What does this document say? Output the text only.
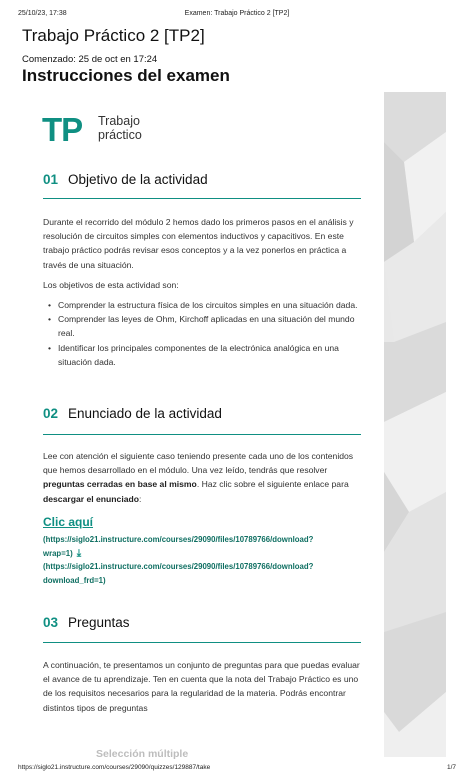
25/10/23, 17:38	Examen: Trabajo Práctico 2 [TP2]
Trabajo Práctico 2 [TP2]
Comenzado: 25 de oct en 17:24
Instrucciones del examen
TP Trabajo
práctico
01 Objetivo de la actividad

Durante el recorrido del módulo 2 hemos dado los primeros pasos en el análisis y resolución de circuitos simples con elementos inductivos y capacitivos. En este trabajo práctico podrás revisar esos conceptos y a la vez ponerlos en práctica a través de una situación.

Los objetivos de esta actividad son:

• Comprender la estructura física de los circuitos simples en una situación dada.
• Comprender las leyes de Ohm, Kirchoff aplicadas en una situación del mundo real.
• Identificar los principales componentes de la electrónica analógica en una situación dada.
02 Enunciado de la actividad

Lee con atención el siguiente caso teniendo presente cada uno de los contenidos que hemos desarrollado en el módulo. Una vez leído, tendrás que resolver preguntas cerradas en base al mismo. Haz clic sobre el siguiente enlace para descargar el enunciado:

Clic aquí
(https://siglo21.instructure.com/courses/29090/files/10789766/download?
wrap=1) ⤓
(https://siglo21.instructure.com/courses/29090/files/10789766/download?
download_frd=1)
03 Preguntas

A continuación, te presentamos un conjunto de preguntas para que puedas evaluar el avance de tu aprendizaje. Ten en cuenta que la nota del Trabajo Práctico es uno de los requisitos necesarios para la regularidad de la materia. Podrás encontrar distintos tipos de preguntas

Selección múltiple
https://siglo21.instructure.com/courses/29090/quizzes/129887/take	1/7
